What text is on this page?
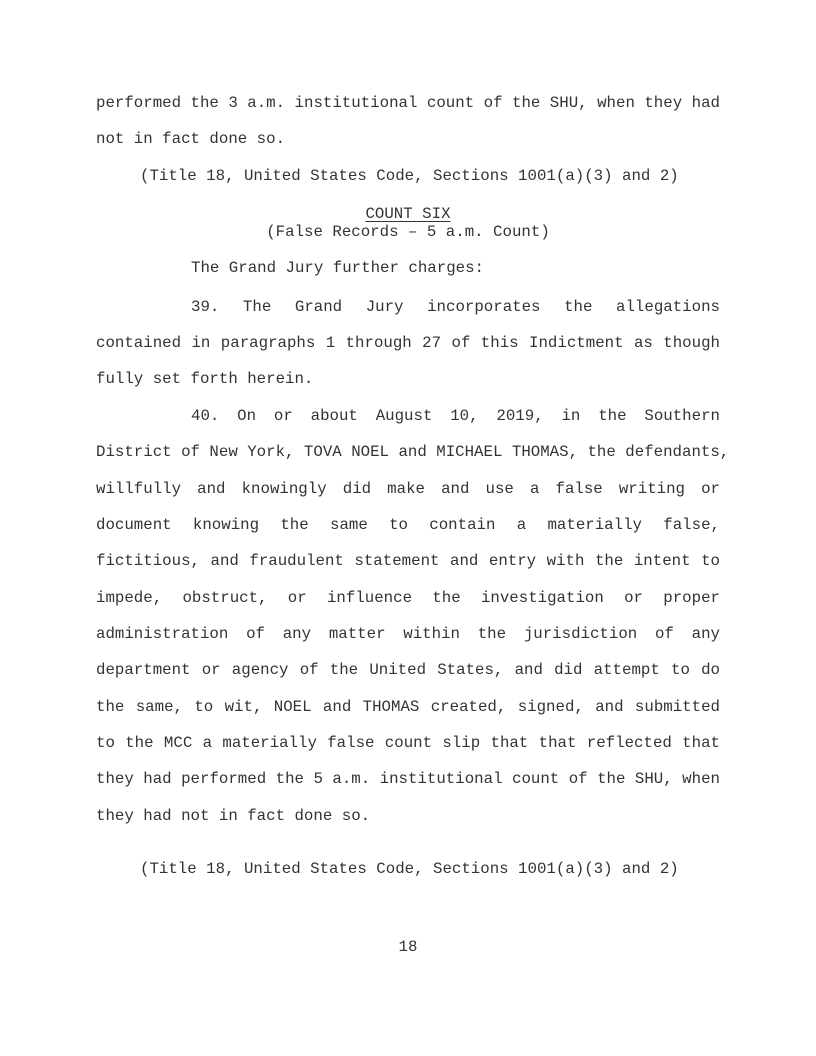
performed the 3 a.m. institutional count of the SHU, when they had
not in fact done so.
(Title 18, United States Code, Sections 1001(a)(3) and 2)
COUNT SIX
(False Records – 5 a.m. Count)
The Grand Jury further charges:
39. The Grand Jury incorporates the allegations
contained in paragraphs 1 through 27 of this Indictment as though
fully set forth herein.
40. On or about August 10, 2019, in the Southern
District of New York, TOVA NOEL and MICHAEL THOMAS, the defendants,
willfully and knowingly did make and use a false writing or
document knowing the same to contain a materially false,
fictitious, and fraudulent statement and entry with the intent to
impede, obstruct, or influence the investigation or proper
administration of any matter within the jurisdiction of any
department or agency of the United States, and did attempt to do
the same, to wit, NOEL and THOMAS created, signed, and submitted
to the MCC a materially false count slip that that reflected that
they had performed the 5 a.m. institutional count of the SHU, when
they had not in fact done so.
(Title 18, United States Code, Sections 1001(a)(3) and 2)
18
